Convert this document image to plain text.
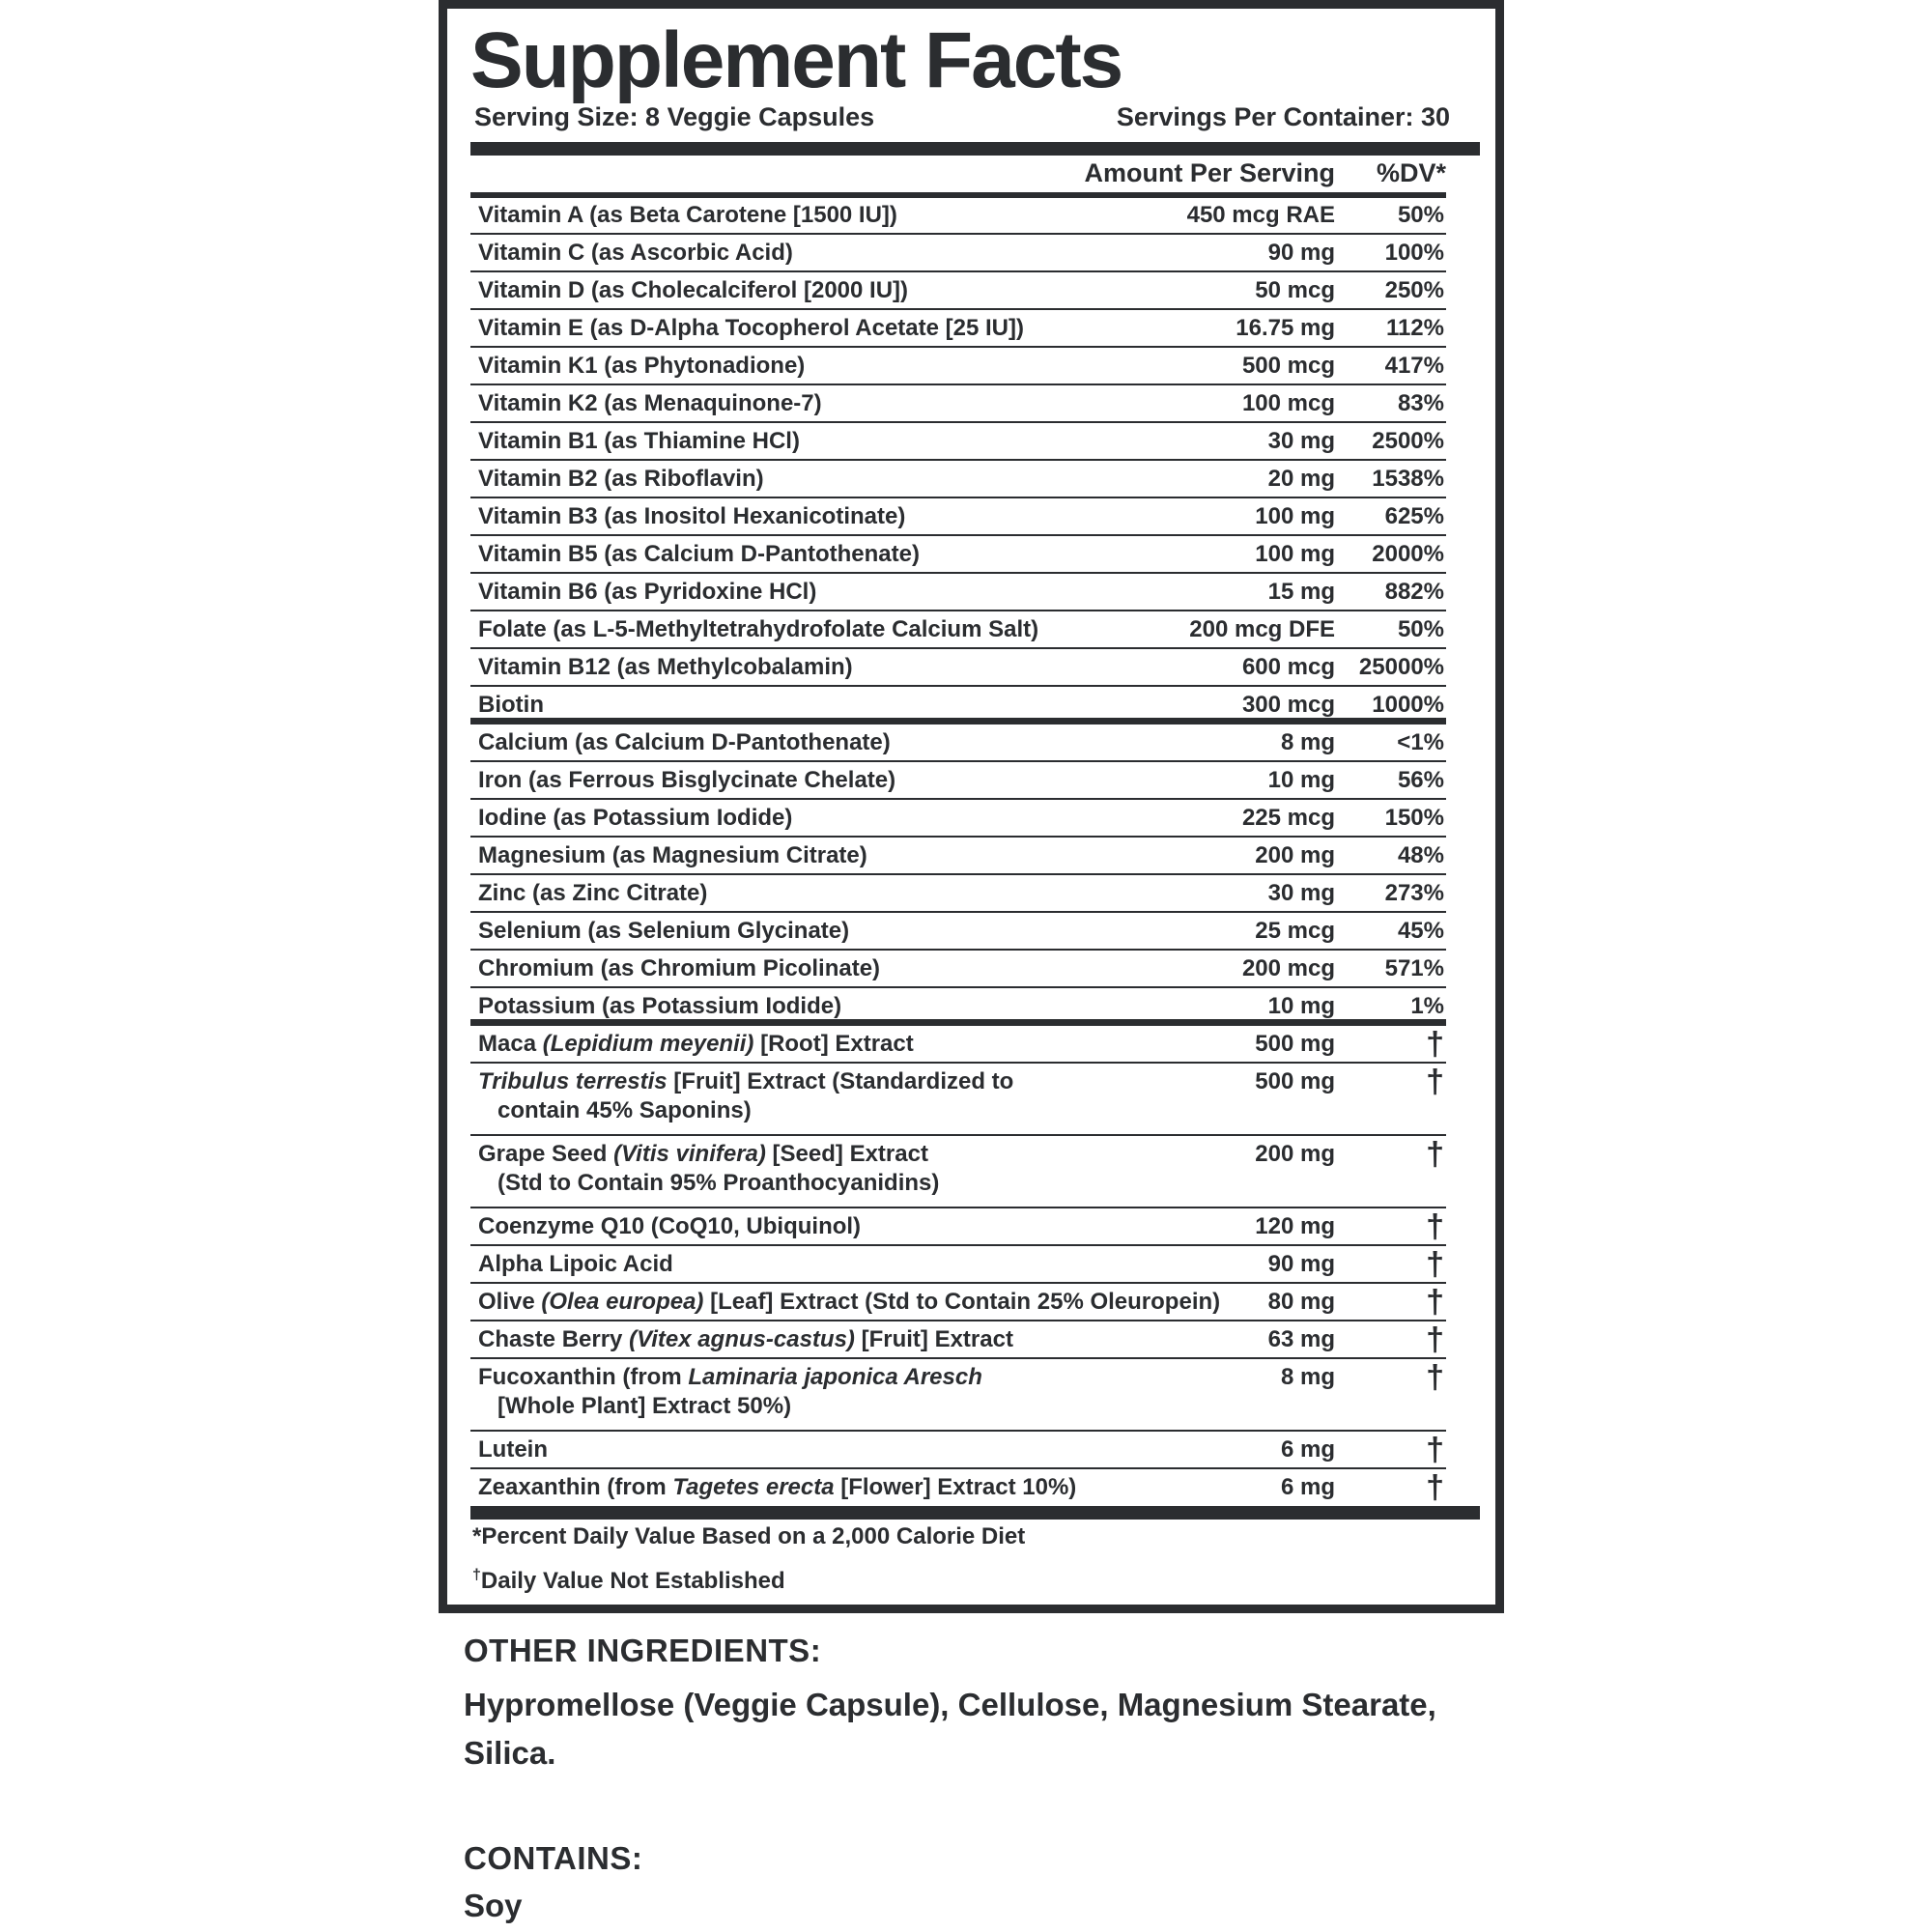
Supplement Facts
Serving Size: 8 Veggie Capsules	Servings Per Container: 30
Amount Per Serving %DV*
Vitamin A (as Beta Carotene [1500 IU])	450 mcg RAE	50%
Vitamin C (as Ascorbic Acid)	90 mg 100%
Vitamin D (as Cholecalciferol [2000 IU])	50 mcg 250%
Vitamin E (as D-Alpha Tocopherol Acetate [25 IU])	16.75 mg 112%
Vitamin K1 (as Phytonadione)	500 mcg 417%
Vitamin K2 (as Menaquinone-7)	100 mcg	83%
Vitamin B1 (as Thiamine HCl)	30 mg 2500%
Vitamin B2 (as Riboflavin)	20 mg 1538%
Vitamin B3 (as Inositol Hexanicotinate)	100 mg 625%
Vitamin B5 (as Calcium D-Pantothenate)	100 mg 2000%
Vitamin B6 (as Pyridoxine HCl)	15 mg 882%
Folate (as L-5-Methyltetrahydrofolate Calcium Salt)	200 mcg DFE	50%
Vitamin B12 (as Methylcobalamin)	600 mcg 25000%
Biotin	300 mcg 1000%
Calcium (as Calcium D-Pantothenate)	8 mg	<1%
Iron (as Ferrous Bisglycinate Chelate)	10 mg	56%
Iodine (as Potassium Iodide)	225 mcg 150%
Magnesium (as Magnesium Citrate)	200 mg	48%
Zinc (as Zinc Citrate)	30 mg 273%
Selenium (as Selenium Glycinate)	25 mcg	45%
Chromium (as Chromium Picolinate)	200 mcg 571%
Potassium (as Potassium Iodide)	10 mg	1%
Maca (Lepidium meyenii) [Root] Extract	500 mg	†
Tribulus terrestis [Fruit] Extract (Standardized to
contain 45% Saponins)
500 mg	†
Grape Seed (Vitis vinifera) [Seed] Extract
(Std to Contain 95% Proanthocyanidins)
200 mg	†
Coenzyme Q10 (CoQ10, Ubiquinol)	120 mg	†
Alpha Lipoic Acid	90 mg	†
Olive (Olea europea) [Leaf] Extract (Std to Contain 25% Oleuropein)	80 mg	†
Chaste Berry (Vitex agnus-castus) [Fruit] Extract	63 mg	†
Fucoxanthin (from Laminaria japonica Aresch
[Whole Plant] Extract 50%)
8 mg	†
Lutein	6 mg	†
Zeaxanthin (from Tagetes erecta [Flower] Extract 10%)	6 mg	†
*Percent Daily Value Based on a 2,000 Calorie Diet
†Daily Value Not Established
OTHER INGREDIENTS:

Hypromellose (Veggie Capsule), Cellulose, Magnesium Stearate, Silica.

CONTAINS:

Soy
